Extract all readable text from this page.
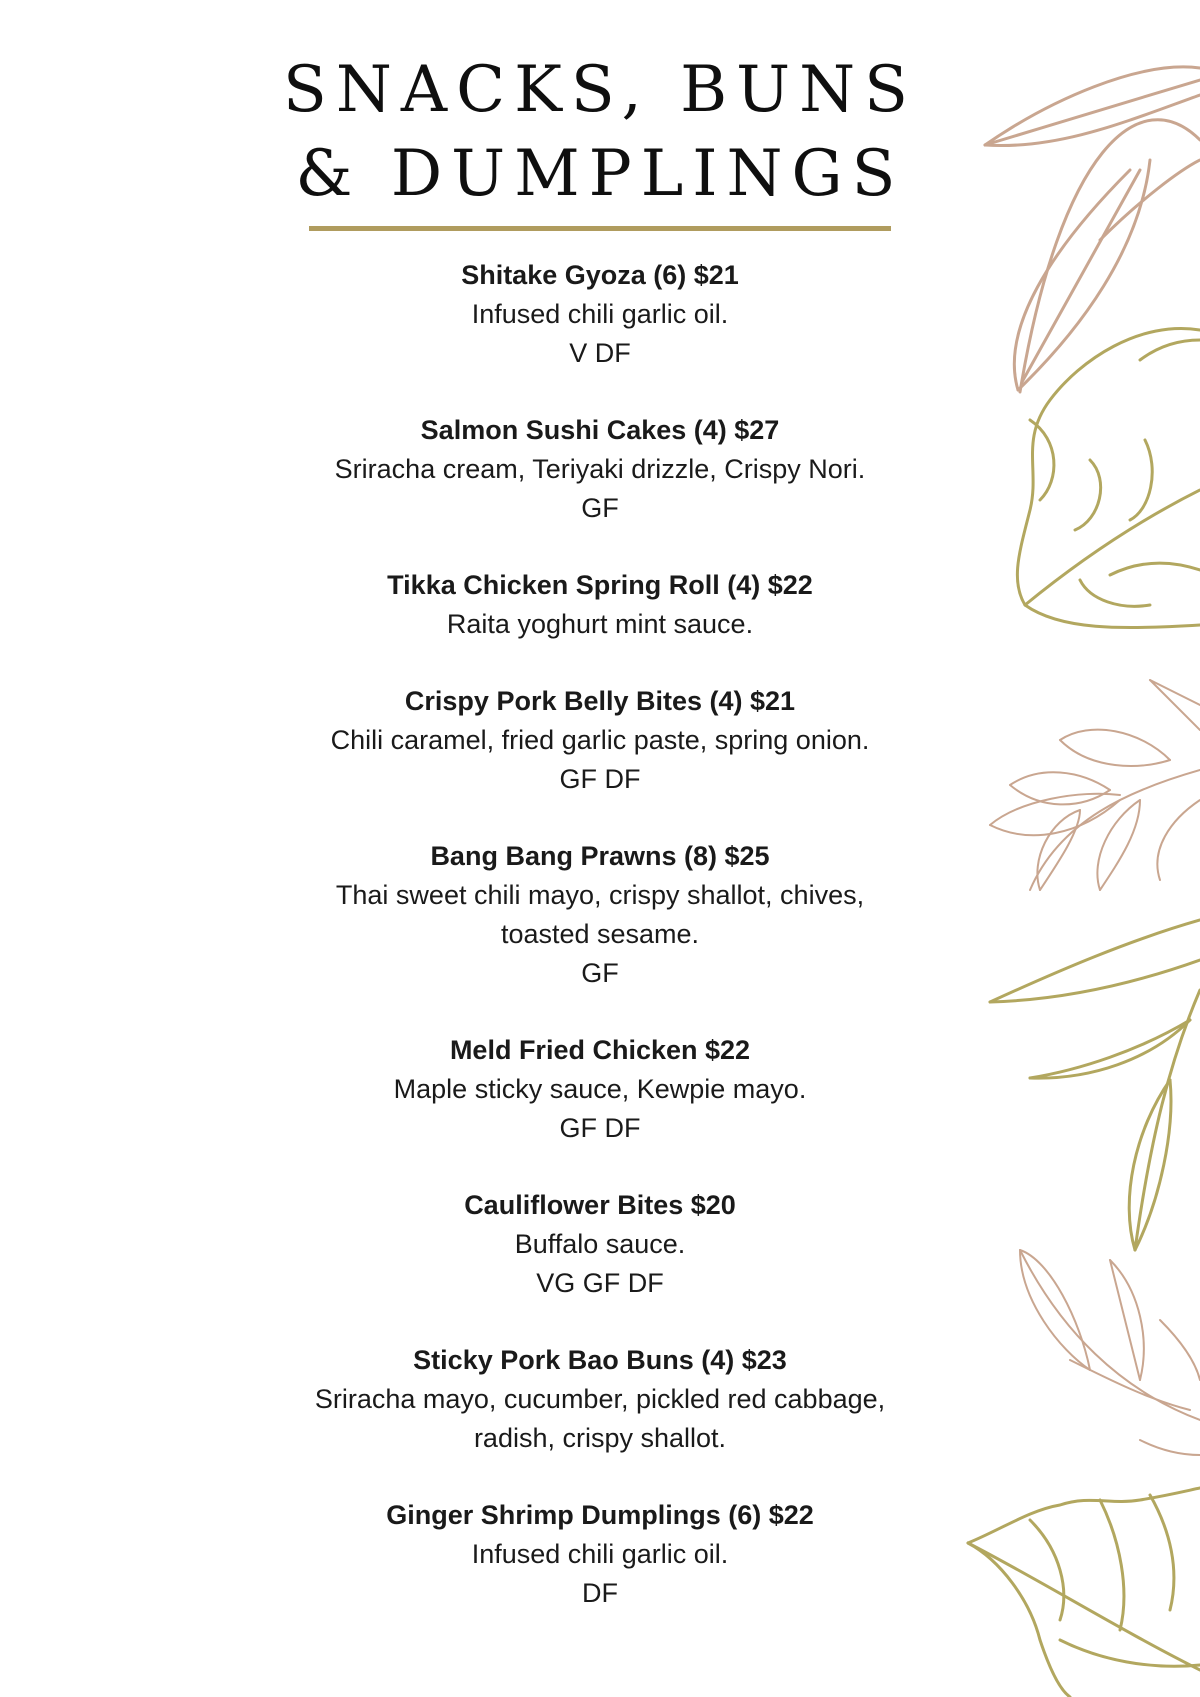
SNACKS, BUNS
& DUMPLINGS
Shitake Gyoza (6) $21
Infused chili garlic oil.
V DF
Salmon Sushi Cakes (4) $27
Sriracha cream, Teriyaki drizzle, Crispy Nori.
GF
Tikka Chicken Spring Roll (4) $22
Raita yoghurt mint sauce.
Crispy Pork Belly Bites (4) $21
Chili caramel, fried garlic paste, spring onion.
GF DF
Bang Bang Prawns (8) $25
Thai sweet chili mayo, crispy shallot, chives,
toasted sesame.
GF
Meld Fried Chicken $22
Maple sticky sauce, Kewpie mayo.
GF DF
Cauliflower Bites $20
Buffalo sauce.
VG GF DF
Sticky Pork Bao Buns (4) $23
Sriracha mayo, cucumber, pickled red cabbage,
radish, crispy shallot.
Ginger Shrimp Dumplings (6) $22
Infused chili garlic oil.
DF
